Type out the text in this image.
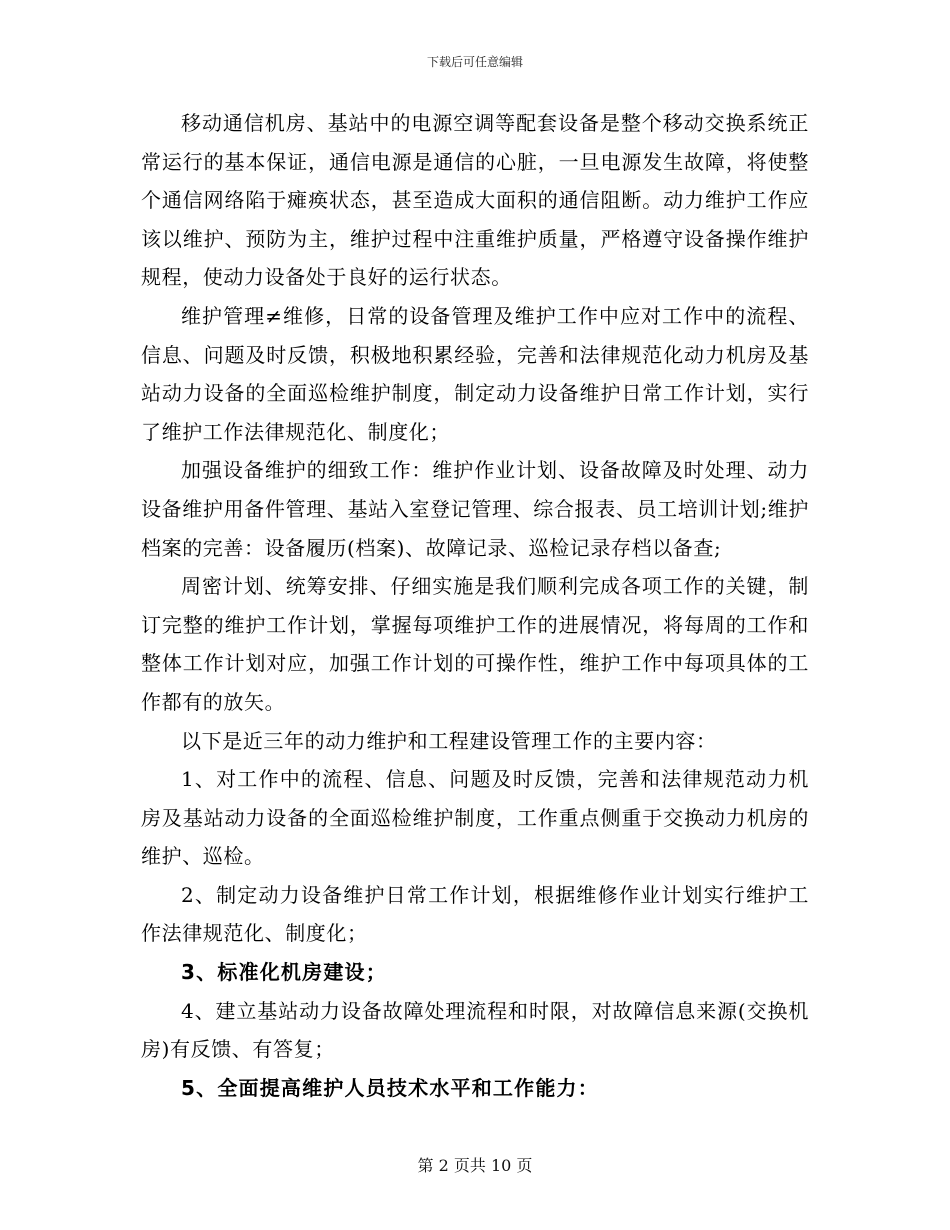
下载后可任意编辑

移动通信机房、基站中的电源空调等配套设备是整个移动交换系统正常运行的基本保证，通信电源是通信的心脏，一旦电源发生故障，将使整个通信网络陷于瘫痪状态，甚至造成大面积的通信阻断。动力维护工作应该以维护、预防为主，维护过程中注重维护质量，严格遵守设备操作维护规程，使动力设备处于良好的运行状态。

维护管理≠维修，日常的设备管理及维护工作中应对工作中的流程、信息、问题及时反馈，积极地积累经验，完善和法律规范化动力机房及基站动力设备的全面巡检维护制度，制定动力设备维护日常工作计划，实行了维护工作法律规范化、制度化；

加强设备维护的细致工作：维护作业计划、设备故障及时处理、动力设备维护用备件管理、基站入室登记管理、综合报表、员工培训计划;维护档案的完善：设备履历(档案)、故障记录、巡检记录存档以备查;

周密计划、统筹安排、仔细实施是我们顺利完成各项工作的关键，制订完整的维护工作计划，掌握每项维护工作的进展情况，将每周的工作和整体工作计划对应，加强工作计划的可操作性，维护工作中每项具体的工作都有的放矢。

以下是近三年的动力维护和工程建设管理工作的主要内容：

1、对工作中的流程、信息、问题及时反馈，完善和法律规范动力机房及基站动力设备的全面巡检维护制度，工作重点侧重于交换动力机房的维护、巡检。

2、制定动力设备维护日常工作计划，根据维修作业计划实行维护工作法律规范化、制度化；

3、标准化机房建设；

4、建立基站动力设备故障处理流程和时限，对故障信息来源(交换机房)有反馈、有答复；

5、全面提高维护人员技术水平和工作能力：

第 2 页共 10 页
